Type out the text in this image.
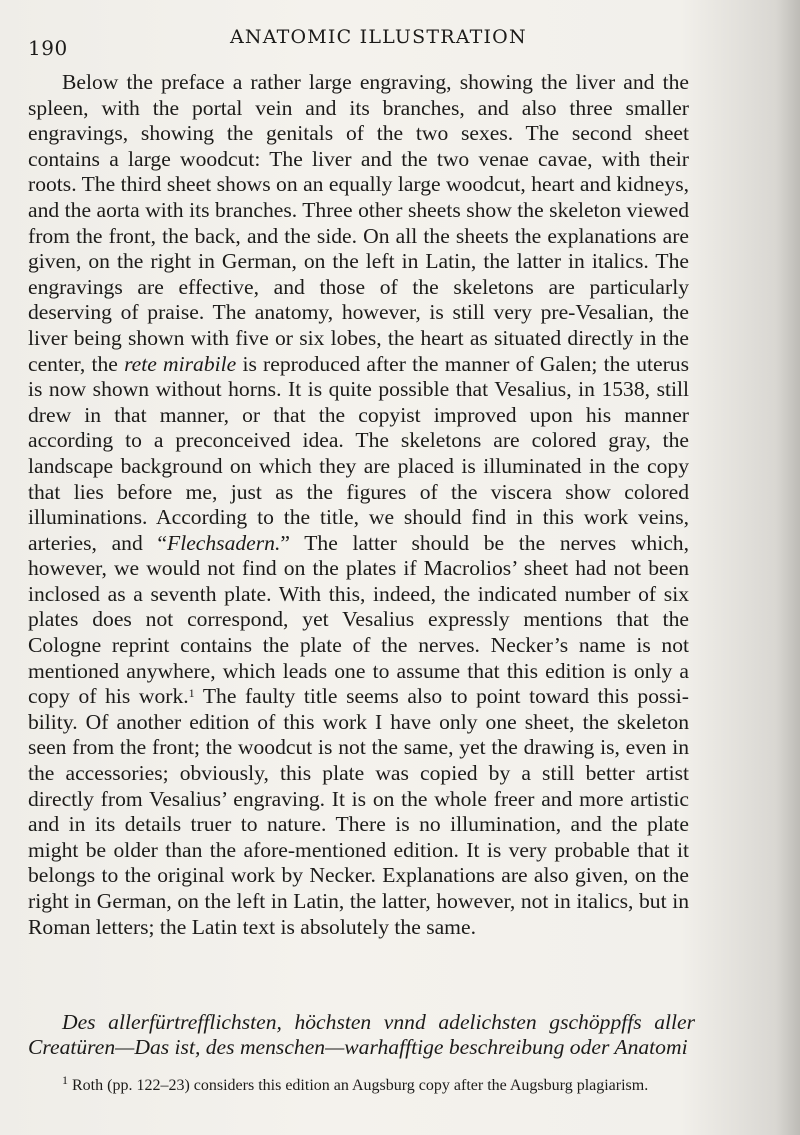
190	ANATOMIC ILLUSTRATION

Below the preface a rather large engraving, showing the liver and the spleen, with the portal vein and its branches, and also three smaller engravings, showing the genitals of the two sexes. The second sheet contains a large woodcut: The liver and the two venae cavae, with their roots. The third sheet shows on an equally large woodcut, heart and kidneys, and the aorta with its branches. Three other sheets show the skeleton viewed from the front, the back, and the side. On all the sheets the explanations are given, on the right in German, on the left in Latin, the latter in italics. The engravings are effective, and those of the skeletons are particularly deserving of praise. The anatomy, however, is still very pre-Vesalian, the liver being shown with five or six lobes, the heart as situated directly in the center, the rete mirabile is reproduced after the manner of Galen; the uterus is now shown without horns. It is quite possible that Vesalius, in 1538, still drew in that manner, or that the copyist improved upon his manner according to a preconceived idea. The skeletons are colored gray, the landscape background on which they are placed is illuminated in the copy that lies before me, just as the figures of the viscera show colored illuminations. According to the title, we should find in this work veins, arteries, and “Flechsadern.” The latter should be the nerves which, however, we would not find on the plates if Macrolios’ sheet had not been inclosed as a seventh plate. With this, indeed, the indicated number of six plates does not correspond, yet Vesalius expressly mentions that the Cologne reprint contains the plate of the nerves. Necker’s name is not mentioned anywhere, which leads one to assume that this edition is only a copy of his work.$^1$ The faulty title seems also to point toward this possibility. Of another edition of this work I have only one sheet, the skeleton seen from the front; the woodcut is not the same, yet the drawing is, even in the accessories; obviously, this plate was copied by a still better artist directly from Vesalius’ engraving. It is on the whole freer and more artistic and in its details truer to nature. There is no illumination, and the plate might be older than the afore-mentioned edition. It is very probable that it belongs to the original work by Necker. Explanations are also given, on the right in German, on the left in Latin, the latter, however, not in italics, but in Roman letters; the Latin text is absolutely the same.

Des allerfürtrefflichsten, höchsten vnnd adelichsten gschöppffs aller Creatüren—Das ist, des menschen—warhafftige beschreibung oder Anatomi

$^1$ Roth (pp. 122–23) considers this edition an Augsburg copy after the Augsburg plagiarism.
